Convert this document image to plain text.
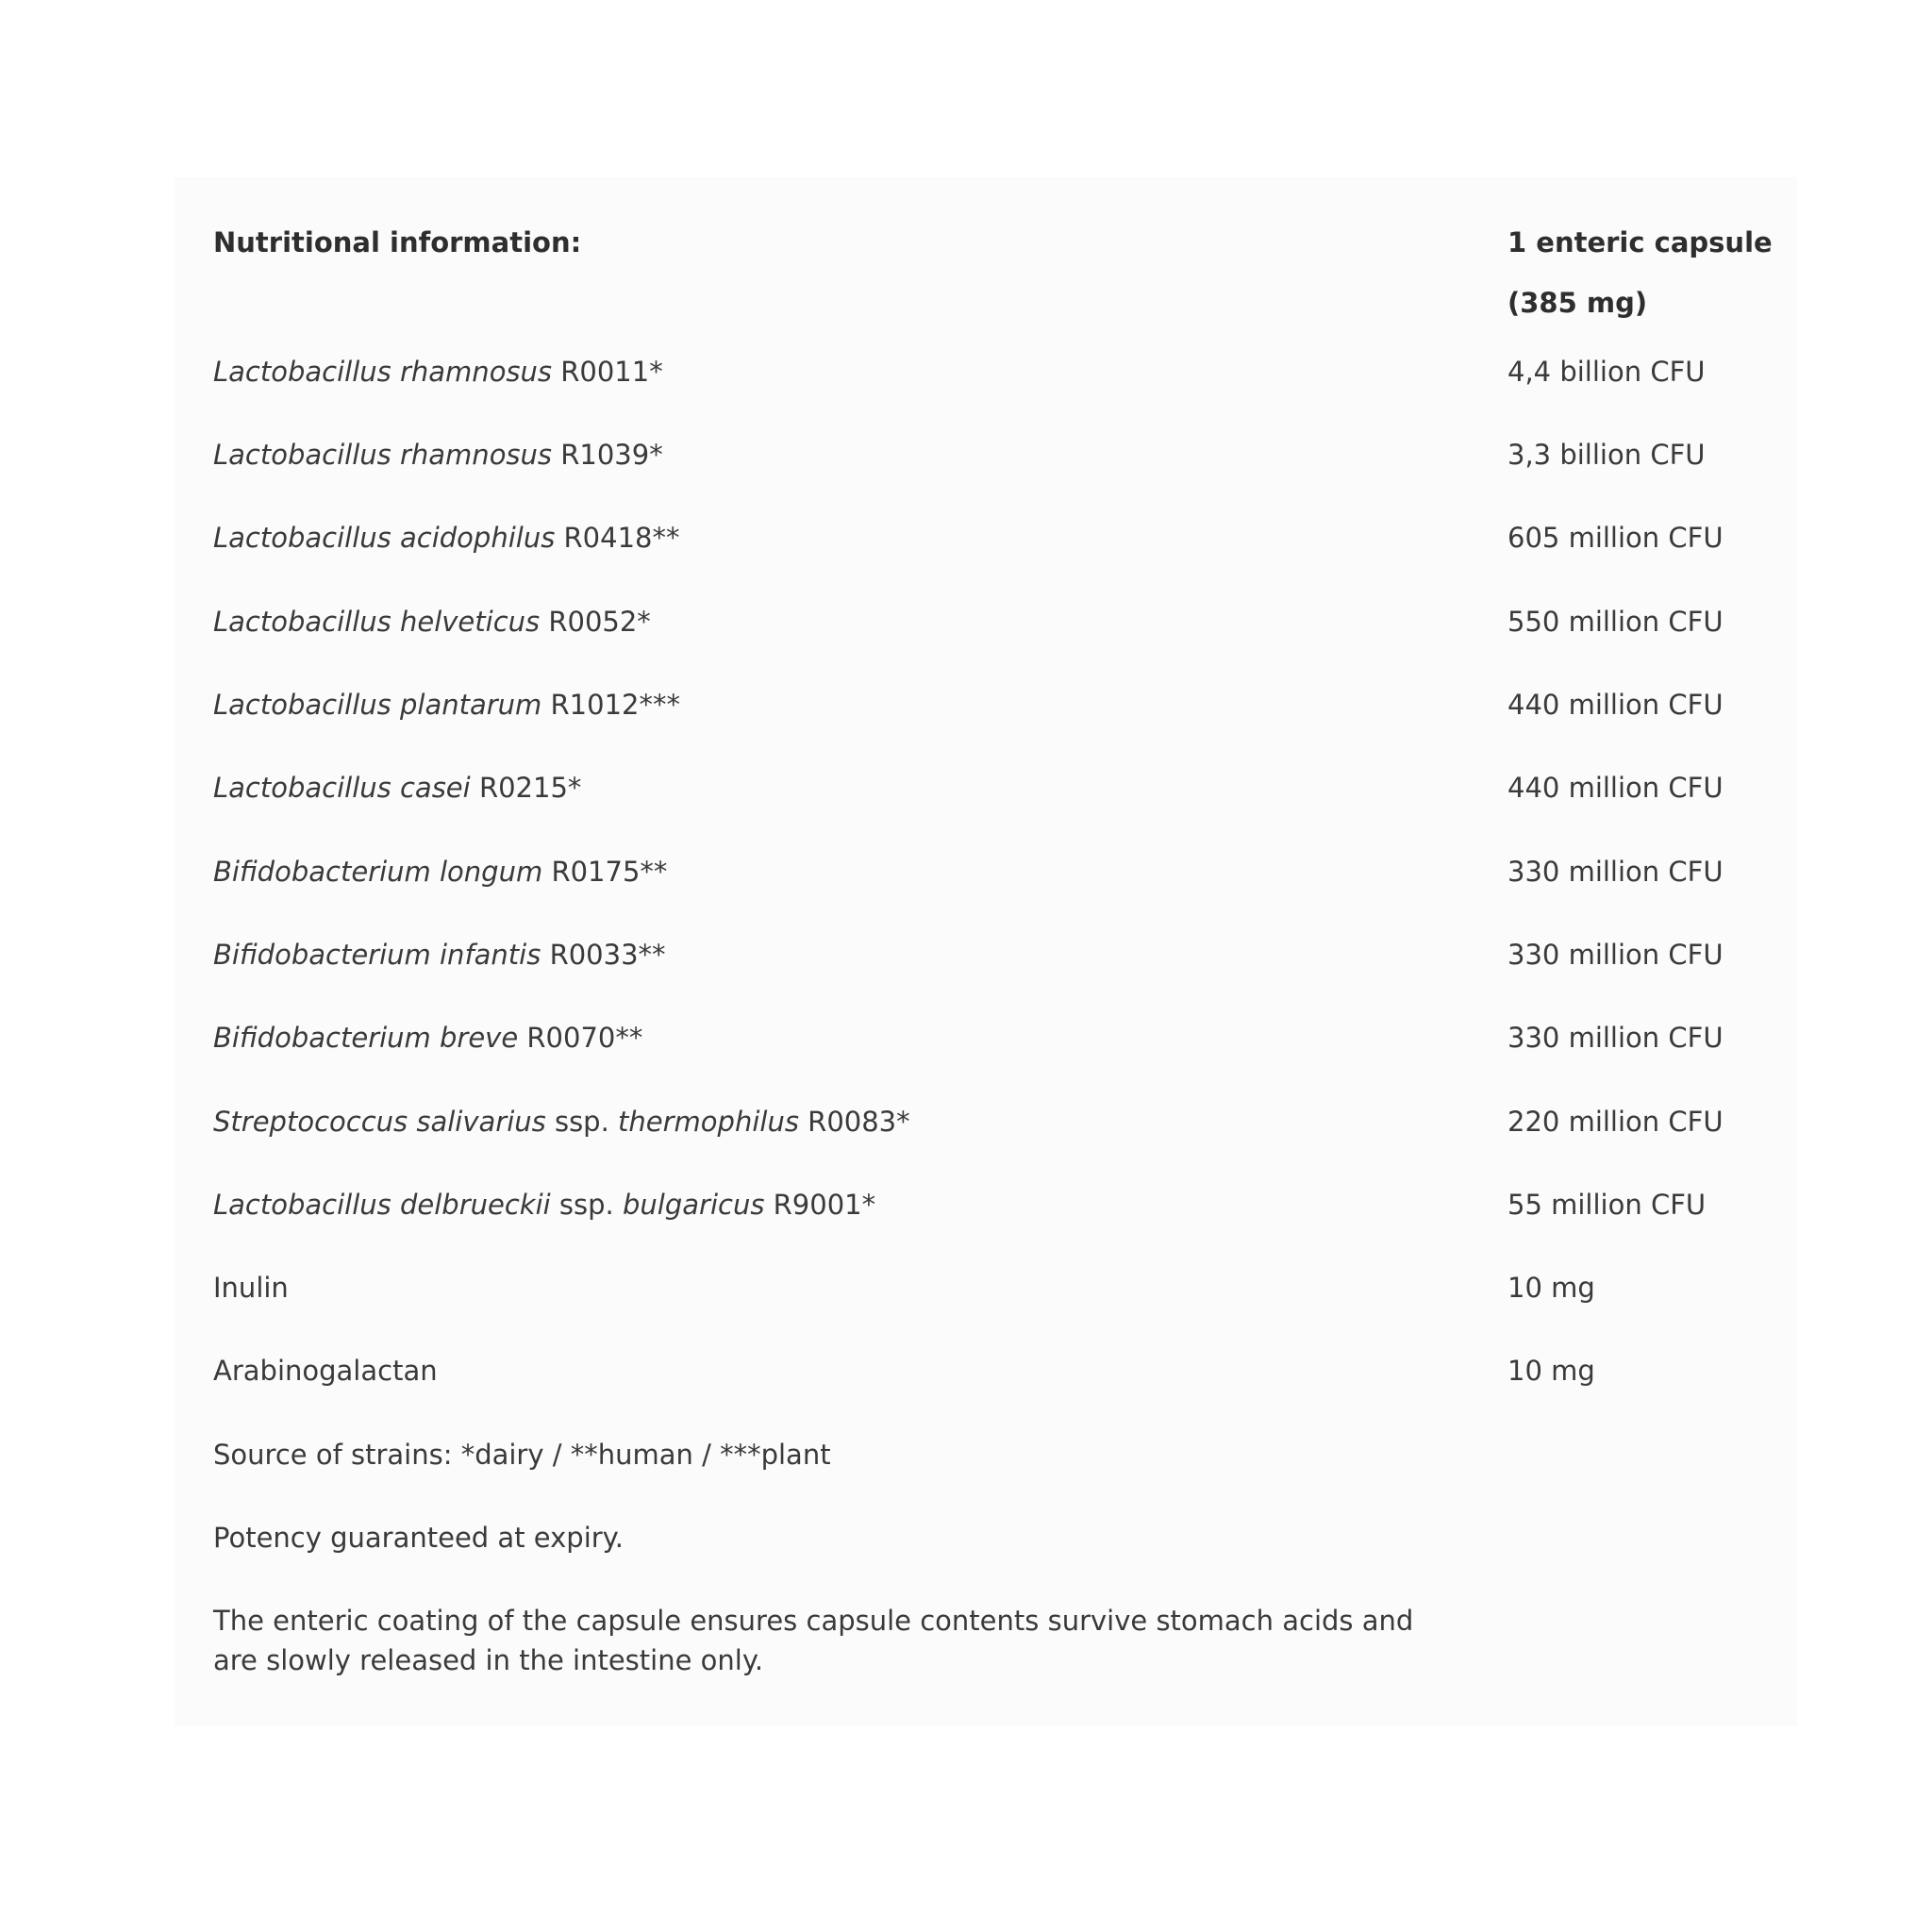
Nutritional information:	1 enteric capsule
(385 mg)
Lactobacillus rhamnosus R0011*	4,4 billion CFU
Lactobacillus rhamnosus R1039*	3,3 billion CFU
Lactobacillus acidophilus R0418**	605 million CFU
Lactobacillus helveticus R0052*	550 million CFU
Lactobacillus plantarum R1012***	440 million CFU
Lactobacillus casei R0215*	440 million CFU
Bifidobacterium longum R0175**	330 million CFU
Bifidobacterium infantis R0033**	330 million CFU
Bifidobacterium breve R0070**	330 million CFU
Streptococcus salivarius ssp. thermophilus R0083*	220 million CFU
Lactobacillus delbrueckii ssp. bulgaricus R9001*	55 million CFU
Inulin	10 mg
Arabinogalactan	10 mg
Source of strains: *dairy / **human / ***plant
Potency guaranteed at expiry.
The enteric coating of the capsule ensures capsule contents survive stomach acids and are slowly released in the intestine only.
